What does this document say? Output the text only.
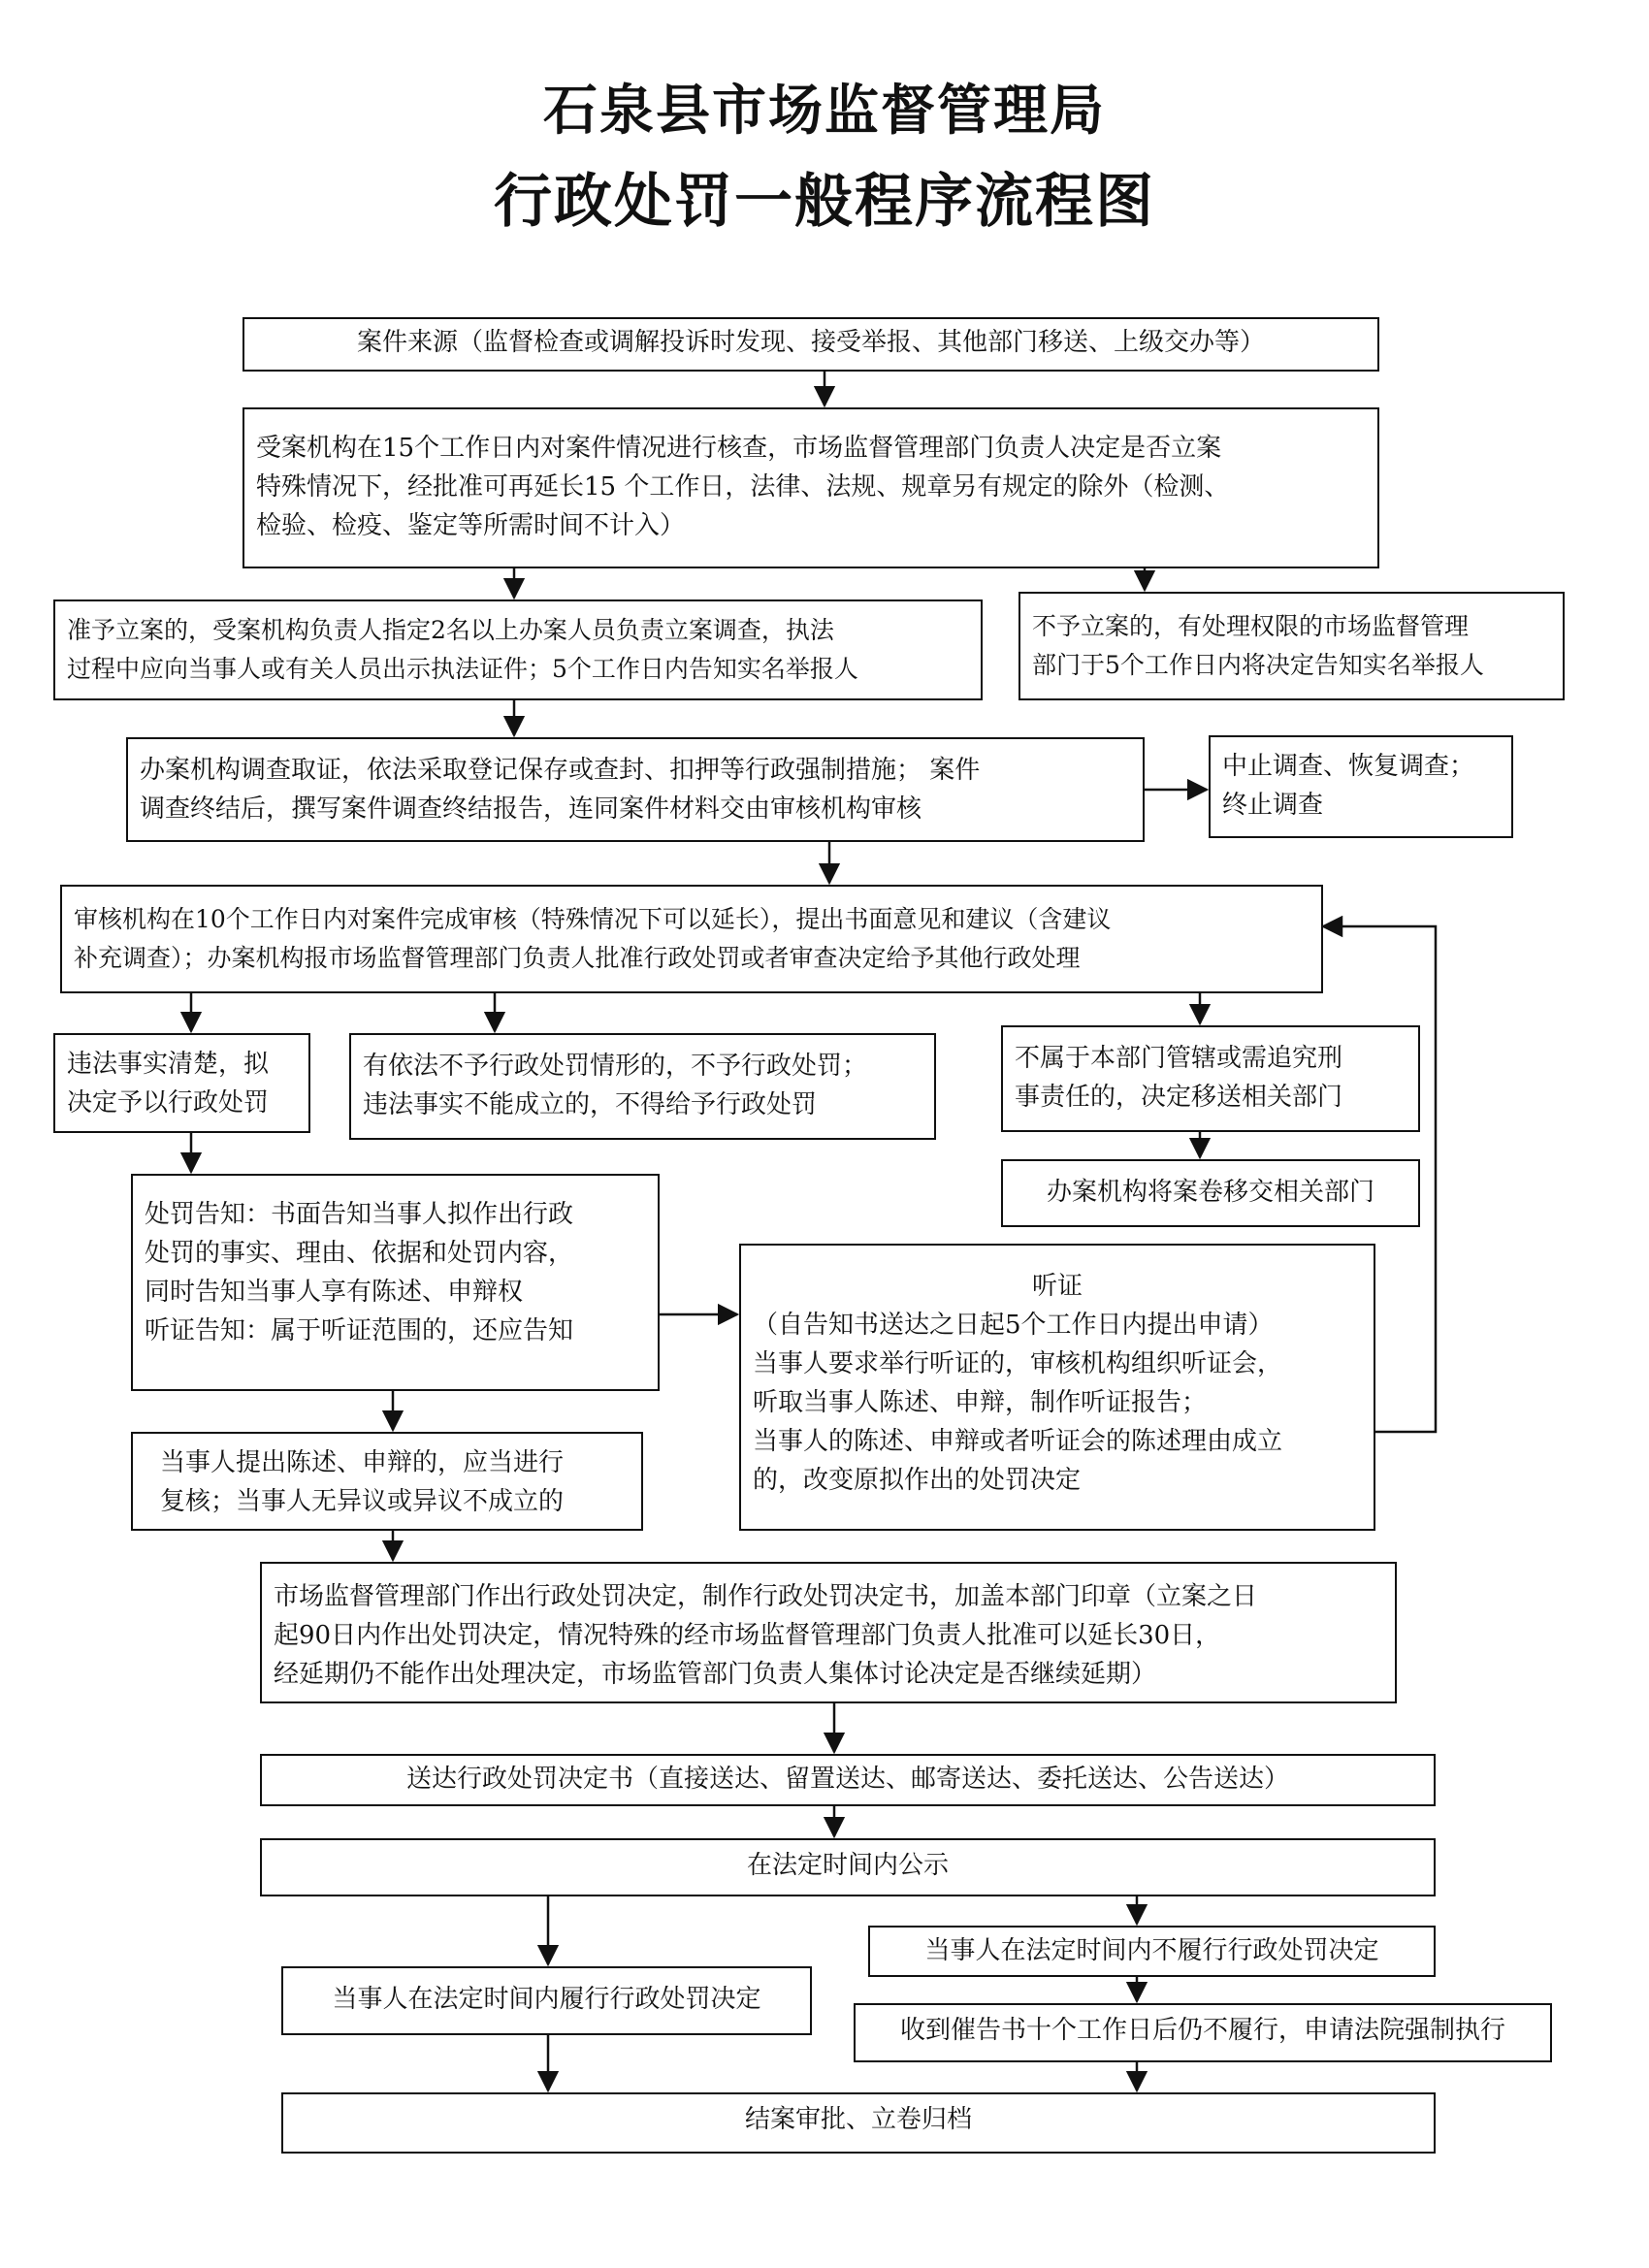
石泉县市场监督管理局
行政处罚一般程序流程图
案件来源（监督检查或调解投诉时发现、接受举报、其他部门移送、上级交办等）
受案机构在15个工作日内对案件情况进行核查，市场监督管理部门负责人决定是否立案
特殊情况下，经批准可再延长15 个工作日，法律、法规、规章另有规定的除外（检测、
检验、检疫、鉴定等所需时间不计入）
准予立案的，受案机构负责人指定2名以上办案人员负责立案调查，执法
过程中应向当事人或有关人员出示执法证件；5个工作日内告知实名举报人
不予立案的，有处理权限的市场监督管理
部门于5个工作日内将决定告知实名举报人
办案机构调查取证，依法采取登记保存或查封、扣押等行政强制措施； 案件
调查终结后，撰写案件调查终结报告，连同案件材料交由审核机构审核
中止调查、恢复调查；
终止调查
审核机构在10个工作日内对案件完成审核（特殊情况下可以延长），提出书面意见和建议（含建议
补充调查）；办案机构报市场监督管理部门负责人批准行政处罚或者审查决定给予其他行政处理
违法事实清楚，拟
决定予以行政处罚
有依法不予行政处罚情形的，不予行政处罚；
违法事实不能成立的，不得给予行政处罚
不属于本部门管辖或需追究刑
事责任的，决定移送相关部门
办案机构将案卷移交相关部门
处罚告知：书面告知当事人拟作出行政
处罚的事实、理由、依据和处罚内容，
同时告知当事人享有陈述、申辩权
听证告知：属于听证范围的，还应告知
听证
（自告知书送达之日起5个工作日内提出申请）
当事人要求举行听证的，审核机构组织听证会，
听取当事人陈述、申辩，制作听证报告；
当事人的陈述、申辩或者听证会的陈述理由成立
的，改变原拟作出的处罚决定
当事人提出陈述、申辩的，应当进行
复核；当事人无异议或异议不成立的
市场监督管理部门作出行政处罚决定，制作行政处罚决定书，加盖本部门印章（立案之日
起90日内作出处罚决定，情况特殊的经市场监督管理部门负责人批准可以延长30日，
经延期仍不能作出处理决定，市场监管部门负责人集体讨论决定是否继续延期）
送达行政处罚决定书（直接送达、留置送达、邮寄送达、委托送达、公告送达）
在法定时间内公示
当事人在法定时间内履行行政处罚决定
当事人在法定时间内不履行行政处罚决定
收到催告书十个工作日后仍不履行，申请法院强制执行
结案审批、立卷归档
